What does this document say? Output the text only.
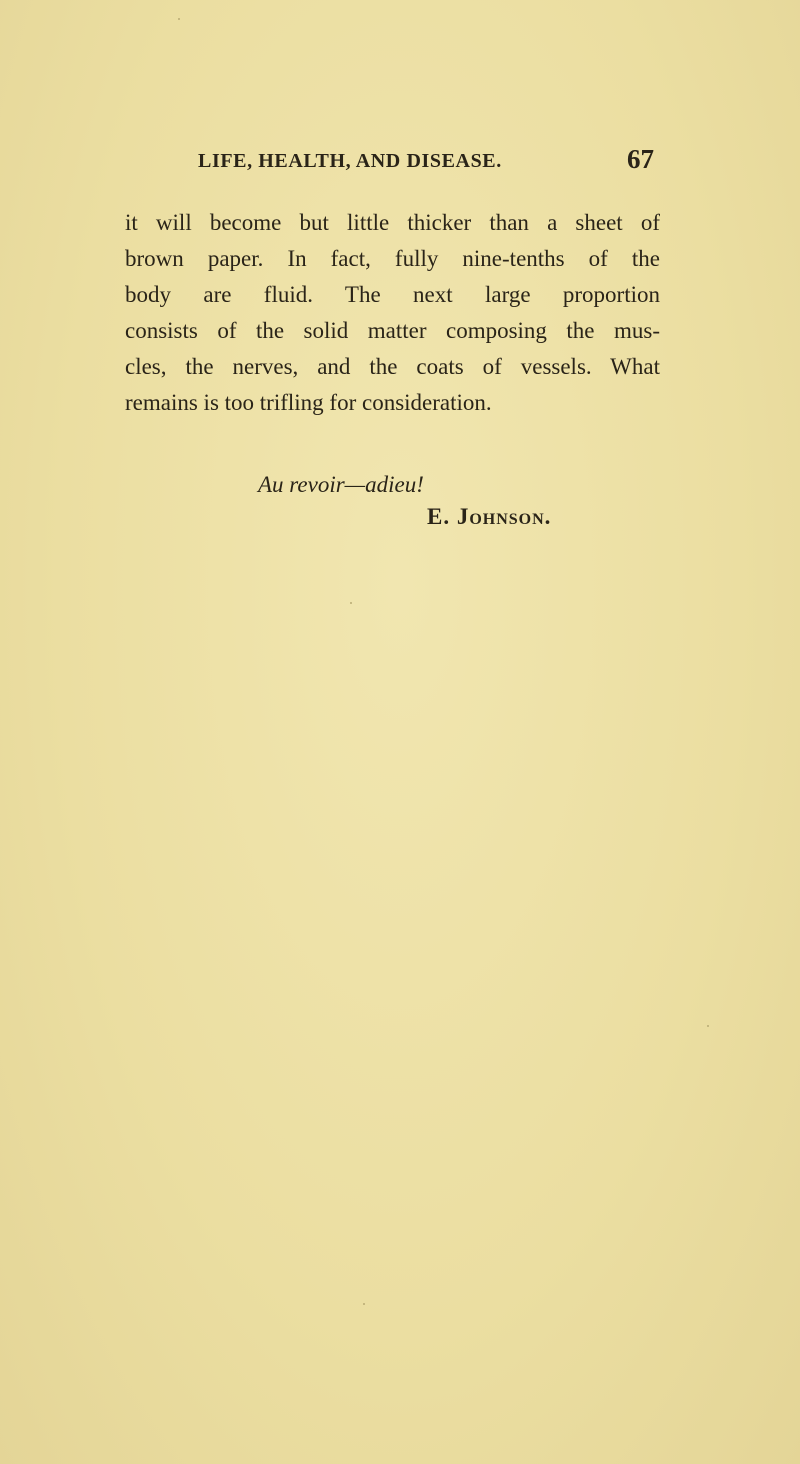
LIFE, HEALTH, AND DISEASE.	67
it will become but little thicker than a sheet of
brown paper. In fact, fully nine-tenths of the
body are fluid. The next large proportion
consists of the solid matter composing the mus-
cles, the nerves, and the coats of vessels. What
remains is too trifling for consideration.
Au revoir—adieu!
E. Johnson.
